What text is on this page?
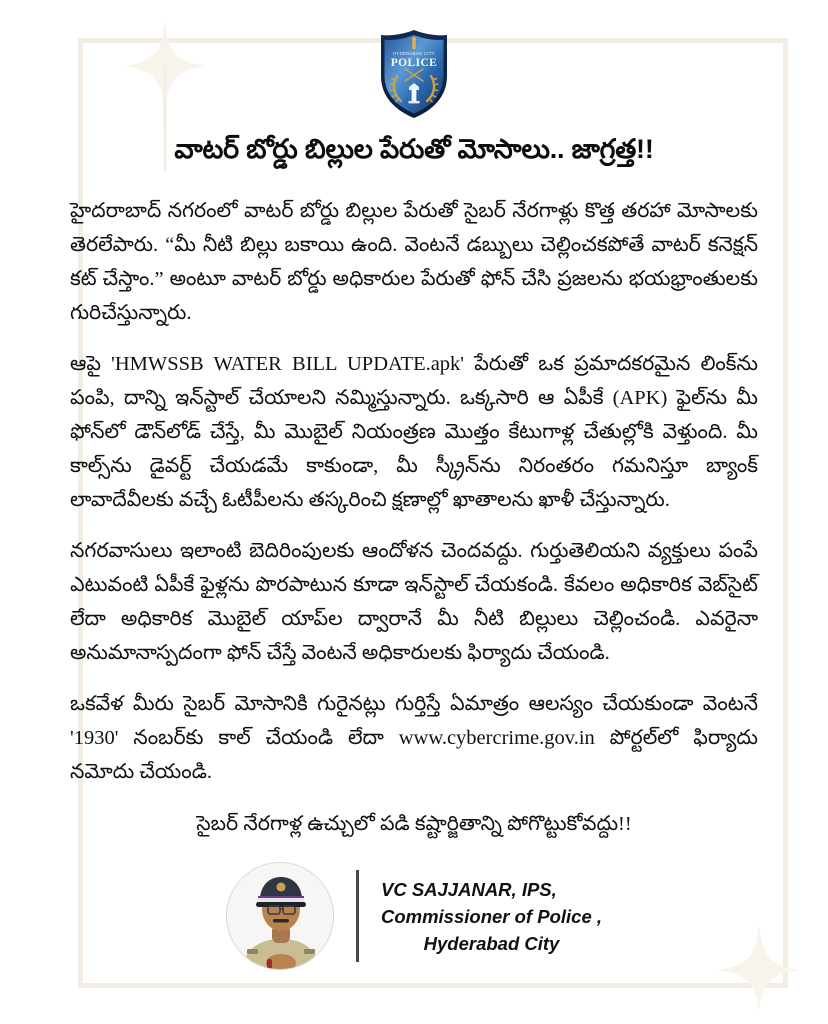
HYDERABAD CITY
POLICE
వాటర్ బోర్డు బిల్లుల పేరుతో మోసాలు.. జాగ్రత్త!!

హైదరాబాద్ నగరంలో వాటర్ బోర్డు బిల్లుల పేరుతో సైబర్ నేరగాళ్లు కొత్త తరహా మోసాలకు తెరలేపారు. “మీ నీటి బిల్లు బకాయి ఉంది. వెంటనే డబ్బులు చెల్లించకపోతే వాటర్ కనెక్షన్ కట్ చేస్తాం.” అంటూ వాటర్ బోర్డు అధికారుల పేరుతో ఫోన్ చేసి ప్రజలను భయభ్రాంతులకు గురిచేస్తున్నారు.

ఆపై 'HMWSSB WATER BILL UPDATE.apk' పేరుతో ఒక ప్రమాదకరమైన లింక్‌ను పంపి, దాన్ని ఇన్‌స్టాల్ చేయాలని నమ్మిస్తున్నారు. ఒక్కసారి ఆ ఏపీకే (APK) ఫైల్‌ను మీ ఫోన్‌లో డౌన్‌లోడ్ చేస్తే, మీ మొబైల్ నియంత్రణ మొత్తం కేటుగాళ్ల చేతుల్లోకి వెళ్తుంది. మీ కాల్స్‌ను డైవర్ట్ చేయడమే కాకుండా, మీ స్క్రీన్‌ను నిరంతరం గమనిస్తూ బ్యాంక్ లావాదేవీలకు వచ్చే ఓటీపీలను తస్కరించి క్షణాల్లో ఖాతాలను ఖాళీ చేస్తున్నారు.

నగరవాసులు ఇలాంటి బెదిరింపులకు ఆందోళన చెందవద్దు. గుర్తుతెలియని వ్యక్తులు పంపే ఎటువంటి ఏపీకే ఫైళ్లను పొరపాటున కూడా ఇన్‌స్టాల్ చేయకండి. కేవలం అధికారిక వెబ్‌సైట్ లేదా అధికారిక మొబైల్ యాప్‌ల ద్వారానే మీ నీటి బిల్లులు చెల్లించండి. ఎవరైనా అనుమానాస్పదంగా ఫోన్ చేస్తే వెంటనే అధికారులకు ఫిర్యాదు చేయండి.

ఒకవేళ మీరు సైబర్ మోసానికి గురైనట్లు గుర్తిస్తే ఏమాత్రం ఆలస్యం చేయకుండా వెంటనే '1930' నంబర్‌కు కాల్ చేయండి లేదా www.cybercrime.gov.in పోర్టల్‌లో ఫిర్యాదు నమోదు చేయండి.

సైబర్ నేరగాళ్ల ఉచ్చులో పడి కష్టార్జితాన్ని పోగొట్టుకోవద్దు!!

VC SAJJANAR, IPS,
Commissioner of Police ,
Hyderabad City
